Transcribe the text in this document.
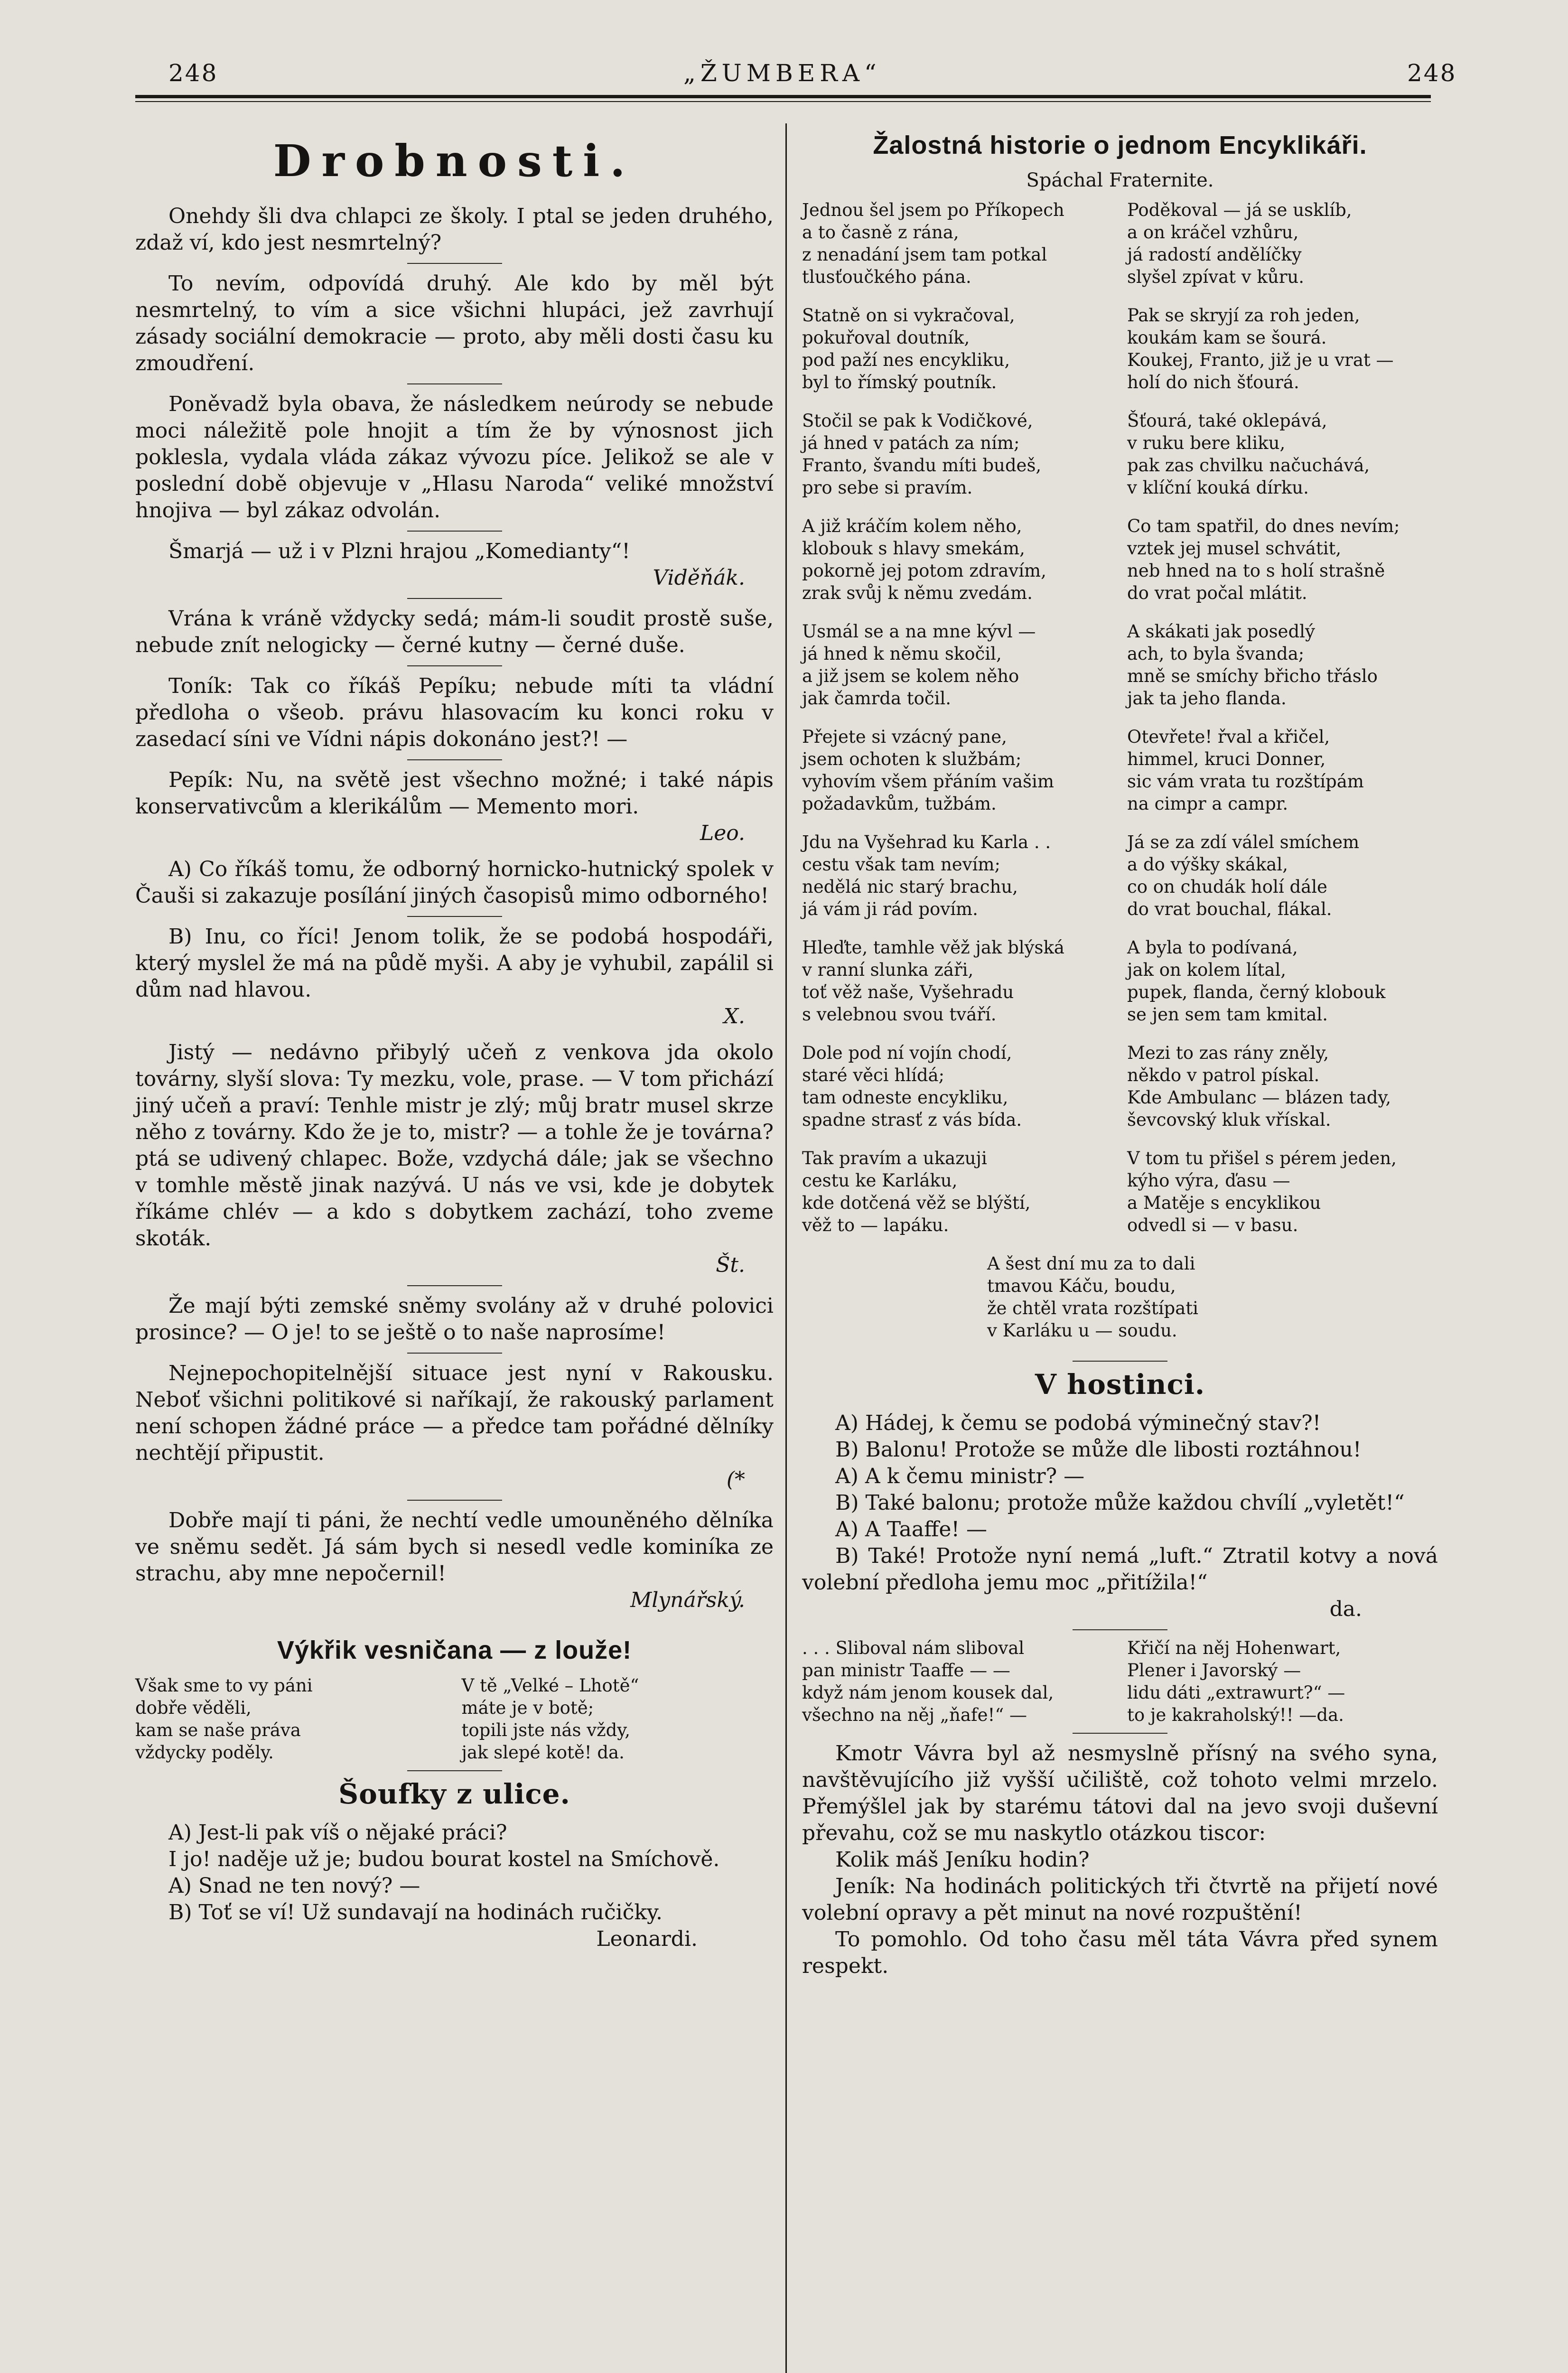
248	„ŽUMBERA“	248
Drobnosti.

Onehdy šli dva chlapci ze školy. I ptal se jeden druhého, zdaž ví, kdo jest nesmrtelný?

To nevím, odpovídá druhý. Ale kdo by měl být nesmrtelný, to vím a sice všichni hlupáci, jež zavrhují zásady sociální demokracie — proto, aby měli dosti času ku zmoudření.

Poněvadž byla obava, že následkem neúrody se nebude moci náležitě pole hnojit a tím že by výnosnost jich poklesla, vydala vláda zákaz vývozu píce. Jelikož se ale v poslední době objevuje v „Hlasu Naroda“ veliké množství hnojiva — byl zákaz odvolán.

Šmarjá — už i v Plzni hrajou „Komedianty“!

Viděňák.

Vrána k vráně vždycky sedá; mám-li soudit prostě suše, nebude znít nelogicky — černé kutny — černé duše.

Toník: Tak co říkáš Pepíku; nebude míti ta vládní předloha o všeob. právu hlasovacím ku konci roku v zasedací síni ve Vídni nápis dokonáno jest?! —

Pepík: Nu, na světě jest všechno možné; i také nápis konservativcům a klerikálům — Memento mori.

Leo.

A) Co říkáš tomu, že odborný hornicko-hutnický spolek v Čauši si zakazuje posílání jiných časopisů mimo odborného!

B) Inu, co říci! Jenom tolik, že se podobá hospodáři, který myslel že má na půdě myši. A aby je vyhubil, zapálil si dům nad hlavou.

X.

Jistý — nedávno přibylý učeň z venkova jda okolo továrny, slyší slova: Ty mezku, vole, prase. — V tom přichází jiný učeň a praví: Tenhle mistr je zlý; můj bratr musel skrze něho z továrny. Kdo že je to, mistr? — a tohle že je továrna? ptá se udivený chlapec. Bože, vzdychá dále; jak se všechno v tomhle městě jinak nazývá. U nás ve vsi, kde je dobytek říkáme chlév — a kdo s dobytkem zachází, toho zveme skoták.

Št.

Že mají býti zemské sněmy svolány až v druhé polovici prosince? — O je! to se ještě o to naše naprosíme!

Nejnepochopitelnější situace jest nyní v Rakousku. Neboť všichni politikové si naříkají, že rakouský parlament není schopen žádné práce — a předce tam pořádné dělníky nechtějí připustit.

(*

Dobře mají ti páni, že nechtí vedle umouněného dělníka ve sněmu sedět. Já sám bych si nesedl vedle kominíka ze strachu, aby mne nepočernil!

Mlynářský.

Výkřik vesničana — z louže!
Však sme to vy páni
dobře věděli,
kam se naše práva
vždycky poděly.
V tě „Velké – Lhotě“
máte je v botě;
topili jste nás vždy,
jak slepé kotě! da.
Šoufky z ulice.

A) Jest-li pak víš o nějaké práci?

I jo! naděje už je; budou bourat kostel na Smíchově.

A) Snad ne ten nový? —

B) Toť se ví! Už sundavají na hodinách ručičky.

Leonardi.

Žalostná historie o jednom Encyklikáři.

Spáchal Fraternite.

Jednou šel jsem po Příkopech
a to časně z rána,
z nenadání jsem tam potkal
tlusťoučkého pána.
Poděkoval — já se usklíb,
a on kráčel vzhůru,
já radostí andělíčky
slyšel zpívat v kůru.
Statně on si vykračoval,
pokuřoval doutník,
pod paží nes encykliku,
byl to římský poutník.
Pak se skryjí za roh jeden,
koukám kam se šourá.
Koukej, Franto, již je u vrat —
holí do nich šťourá.
Stočil se pak k Vodičkové,
já hned v patách za ním;
Franto, švandu míti budeš,
pro sebe si pravím.
Šťourá, také oklepává,
v ruku bere kliku,
pak zas chvilku načuchává,
v klíční kouká dírku.
A již kráčím kolem něho,
klobouk s hlavy smekám,
pokorně jej potom zdravím,
zrak svůj k němu zvedám.
Co tam spatřil, do dnes nevím;
vztek jej musel schvátit,
neb hned na to s holí strašně
do vrat počal mlátit.
Usmál se a na mne kývl —
já hned k němu skočil,
a již jsem se kolem něho
jak čamrda točil.
A skákati jak posedlý
ach, to byla švanda;
mně se smíchy břicho třáslo
jak ta jeho flanda.
Přejete si vzácný pane,
jsem ochoten k službám;
vyhovím všem přáním vašim
požadavkům, tužbám.
Otevřete! řval a křičel,
himmel, kruci Donner,
sic vám vrata tu rozštípám
na cimpr a campr.
Jdu na Vyšehrad ku Karla . .
cestu však tam nevím;
nedělá nic starý brachu,
já vám ji rád povím.
Já se za zdí válel smíchem
a do výšky skákal,
co on chudák holí dále
do vrat bouchal, flákal.
Hleďte, tamhle věž jak blýská
v ranní slunka záři,
toť věž naše, Vyšehradu
s velebnou svou tváří.
A byla to podívaná,
jak on kolem lítal,
pupek, flanda, černý klobouk
se jen sem tam kmital.
Dole pod ní vojín chodí,
staré věci hlídá;
tam odneste encykliku,
spadne strasť z vás bída.
Mezi to zas rány zněly,
někdo v patrol pískal.
Kde Ambulanc — blázen tady,
ševcovský kluk vřískal.
Tak pravím a ukazuji
cestu ke Karláku,
kde dotčená věž se blýští,
věž to — lapáku.
V tom tu přišel s pérem jeden,
kýho výra, ďasu —
a Matěje s encyklikou
odvedl si — v basu.
A šest dní mu za to dali
tmavou Káču, boudu,
že chtěl vrata rozštípati
v Karláku u — soudu.
V hostinci.

A) Hádej, k čemu se podobá výminečný stav?!

B) Balonu! Protože se může dle libosti roztáhnou!

A) A k čemu ministr? —

B) Také balonu; protože může každou chvílí „vyletět!“

A) A Taaffe! —

B) Také! Protože nyní nemá „luft.“ Ztratil kotvy a nová volební předloha jemu moc „přitížila!“

da.

. . . Sliboval nám sliboval
pan ministr Taaffe — —
když nám jenom kousek dal,
všechno na něj „ňafe!“ —
Křičí na něj Hohenwart,
Plener i Javorský —
lidu dáti „extrawurt?“ —
to je kakraholský!! —da.

Kmotr Vávra byl až nesmyslně přísný na svého syna, navštěvujícího již vyšší učiliště, což tohoto velmi mrzelo. Přemýšlel jak by starému tátovi dal na jevo svoji duševní převahu, což se mu naskytlo otázkou tiscor:

Kolik máš Jeníku hodin?

Jeník: Na hodinách politických tři čtvrtě na přijetí nové volební opravy a pět minut na nové rozpuštění!

To pomohlo. Od toho času měl táta Vávra před synem respekt.
